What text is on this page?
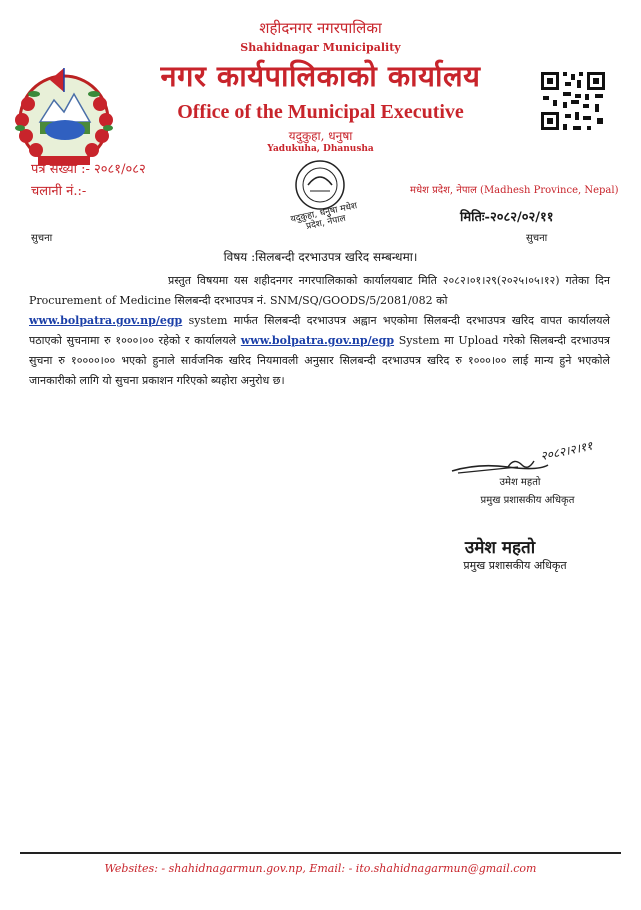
शहीदनगर नगरपालिका
Shahidnagar Municipality
नगर कार्यपालिकाको कार्यालय
Office of the Municipal Executive
यदुकुहा, धनुषा
Yadukuha, Dhanusha
पत्र संख्या :- २०८१/०८२
चलानी नं.:-	मधेश प्रदेश, नेपाल (Madhesh Province, Nepal)
मितिः-२०८२/०२/११
सुचना	सुचना
यदुकुहा, धनुषा मधेश प्रदेश, नेपाल
विषय :सिलबन्दी दरभाउपत्र खरिद सम्बन्धमा।

प्रस्तुत विषयमा यस शहीदनगर नगरपालिकाको कार्यालयबाट मिति २०८२।०१।२९(२०२५।०५।१२) गतेका दिन Procurement of Medicine सिलबन्दी दरभाउपत्र नं. SNM/SQ/GOODS/5/2081/082 को
www.bolpatra.gov.np/egp system मार्फत सिलबन्दी दरभाउपत्र अह्वान भएकोमा सिलबन्दी दरभाउपत्र खरिद वापत कार्यालयले पठाएको सुचनामा रु १०००।०० रहेको र कार्यालयले www.bolpatra.gov.np/egp System मा Upload गरेको सिलबन्दी दरभाउपत्र सुचना रु १००००।०० भएको हुनाले सार्वजनिक खरिद नियमावली अनुसार सिलबन्दी दरभाउपत्र खरिद रु १०००।०० लाई मान्य हुने भएकोले जानकारीको लागि यो सुचना प्रकाशन गरिएको ब्यहोरा अनुरोध छ।

२०८२।२।११
उमेश महतो
प्रमुख प्रशासकीय अधिकृत
उमेश महतो
प्रमुख प्रशासकीय अधिकृत
Websites: - shahidnagarmun.gov.np, Email: - ito.shahidnagarmun@gmail.com
